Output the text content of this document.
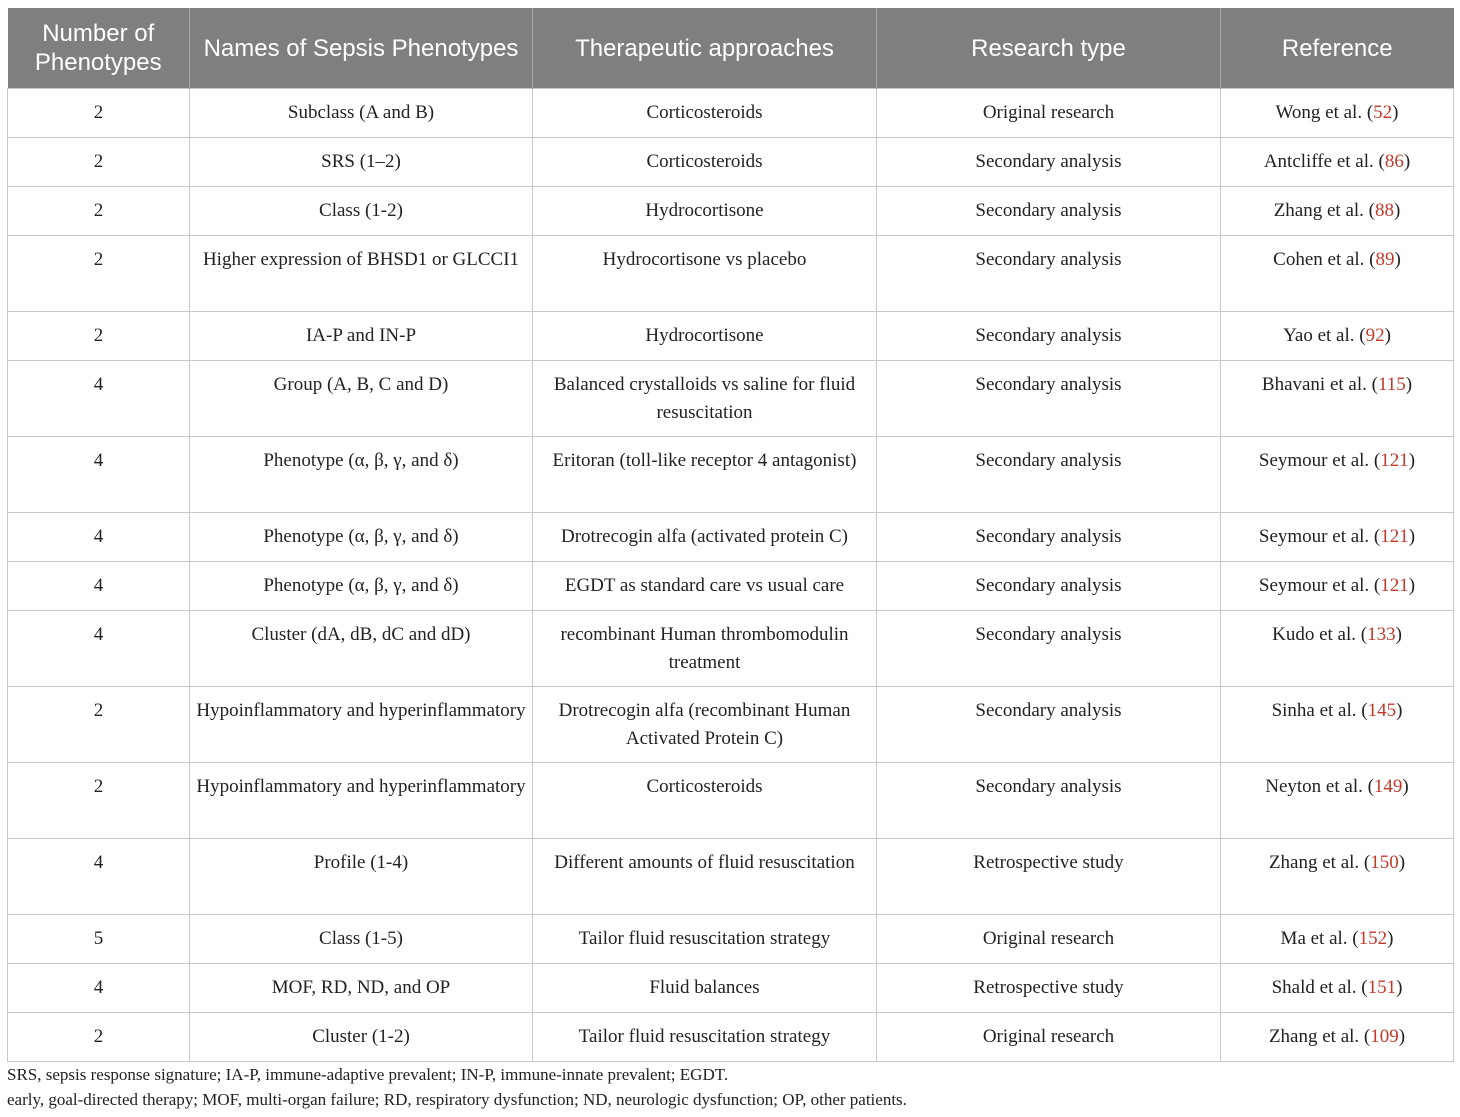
Number of Phenotypes	Names of Sepsis Phenotypes	Therapeutic approaches	Research type	Reference
2	Subclass (A and B)	Corticosteroids	Original research	Wong et al. (52)
2	SRS (1–2)	Corticosteroids	Secondary analysis	Antcliffe et al. (86)
2	Class (1-2)	Hydrocortisone	Secondary analysis	Zhang et al. (88)
2	Higher expression of BHSD1 or GLCCI1	Hydrocortisone vs placebo	Secondary analysis	Cohen et al. (89)
2	IA-P and IN-P	Hydrocortisone	Secondary analysis	Yao et al. (92)
4	Group (A, B, C and D)	Balanced crystalloids vs saline for fluid resuscitation	Secondary analysis	Bhavani et al. (115)
4	Phenotype (α, β, γ, and δ)	Eritoran (toll-like receptor 4 antagonist)	Secondary analysis	Seymour et al. (121)
4	Phenotype (α, β, γ, and δ)	Drotrecogin alfa (activated protein C)	Secondary analysis	Seymour et al. (121)
4	Phenotype (α, β, γ, and δ)	EGDT as standard care vs usual care	Secondary analysis	Seymour et al. (121)
4	Cluster (dA, dB, dC and dD)	recombinant Human thrombomodulin treatment	Secondary analysis	Kudo et al. (133)
2	Hypoinflammatory and hyperinflammatory	Drotrecogin alfa (recombinant Human Activated Protein C)	Secondary analysis	Sinha et al. (145)
2	Hypoinflammatory and hyperinflammatory	Corticosteroids	Secondary analysis	Neyton et al. (149)
4	Profile (1-4)	Different amounts of fluid resuscitation	Retrospective study	Zhang et al. (150)
5	Class (1-5)	Tailor fluid resuscitation strategy	Original research	Ma et al. (152)
4	MOF, RD, ND, and OP	Fluid balances	Retrospective study	Shald et al. (151)
2	Cluster (1-2)	Tailor fluid resuscitation strategy	Original research	Zhang et al. (109)
SRS, sepsis response signature; IA-P, immune-adaptive prevalent; IN-P, immune-innate prevalent; EGDT.
early, goal-directed therapy; MOF, multi-organ failure; RD, respiratory dysfunction; ND, neurologic dysfunction; OP, other patients.
